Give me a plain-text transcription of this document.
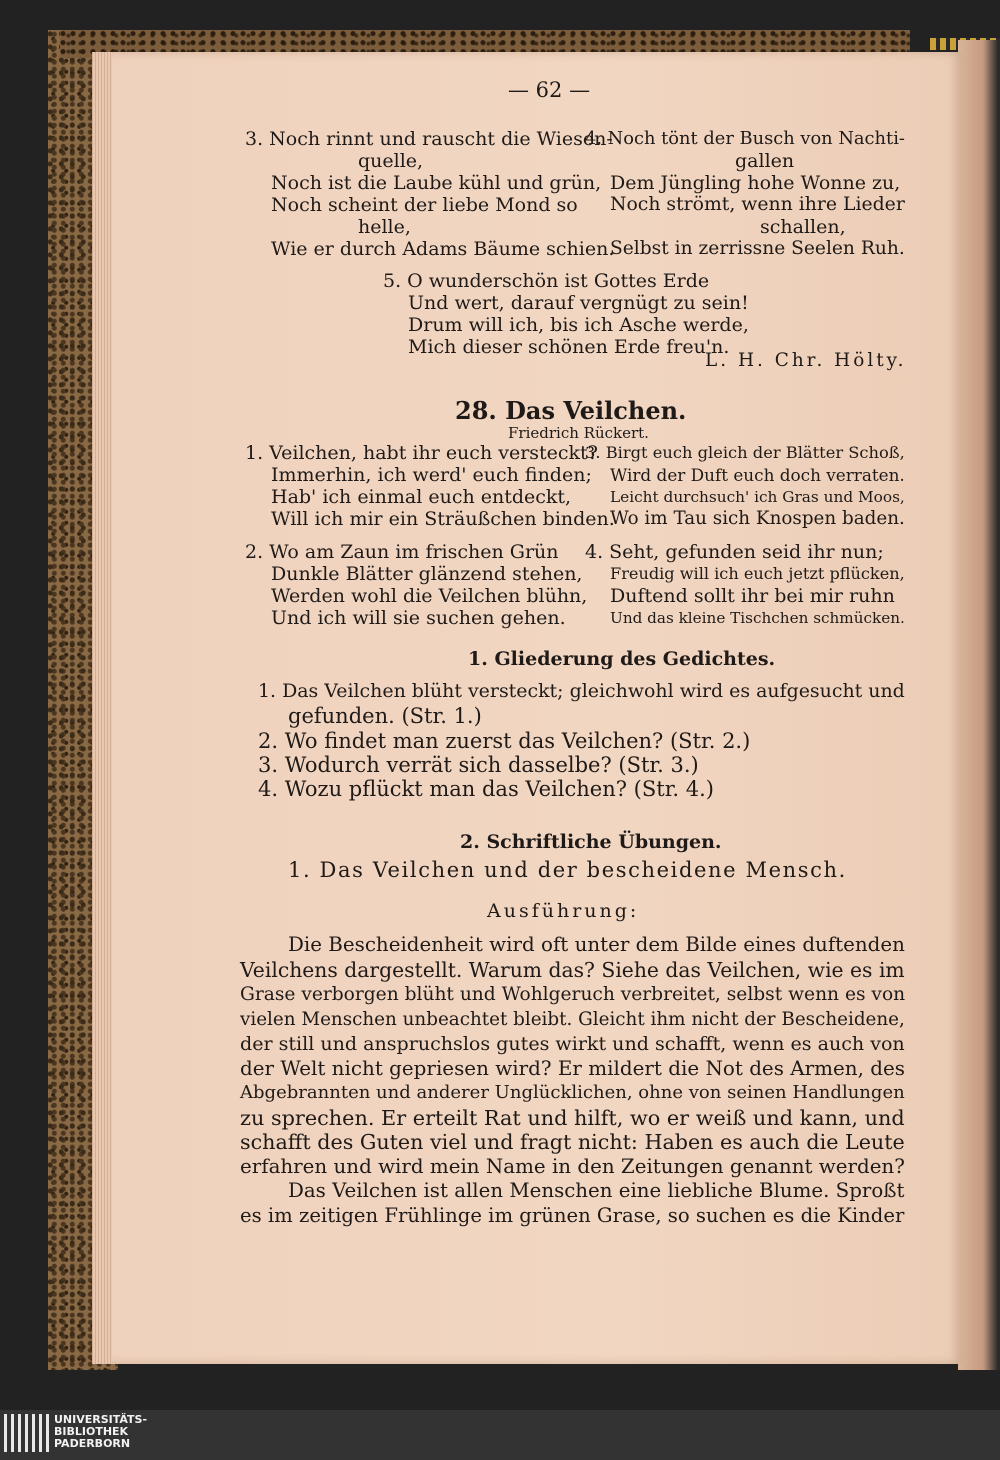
— 62 —
3. Noch rinnt und rauscht die Wiesen-
quelle,
Noch ist die Laube kühl und grün,
Noch scheint der liebe Mond so
helle,
Wie er durch Adams Bäume schien.
4. Noch tönt der Busch von Nachti-
gallen
Dem Jüngling hohe Wonne zu,
Noch strömt, wenn ihre Lieder
schallen,
Selbst in zerrissne Seelen Ruh.
5. O wunderschön ist Gottes Erde
Und wert, darauf vergnügt zu sein!
Drum will ich, bis ich Asche werde,
Mich dieser schönen Erde freu'n.
L. H. Chr. Hölty.
28. Das Veilchen.
Friedrich Rückert.
1. Veilchen, habt ihr euch versteckt?
Immerhin, ich werd' euch finden;
Hab' ich einmal euch entdeckt,
Will ich mir ein Sträußchen binden.
3. Birgt euch gleich der Blätter Schoß,
Wird der Duft euch doch verraten.
Leicht durchsuch' ich Gras und Moos,
Wo im Tau sich Knospen baden.
2. Wo am Zaun im frischen Grün
Dunkle Blätter glänzend stehen,
Werden wohl die Veilchen blühn,
Und ich will sie suchen gehen.
4. Seht, gefunden seid ihr nun;
Freudig will ich euch jetzt pflücken,
Duftend sollt ihr bei mir ruhn
Und das kleine Tischchen schmücken.
1. Gliederung des Gedichtes.
1. Das Veilchen blüht versteckt; gleichwohl wird es aufgesucht und
gefunden. (Str. 1.)
2. Wo findet man zuerst das Veilchen? (Str. 2.)
3. Wodurch verrät sich dasselbe? (Str. 3.)
4. Wozu pflückt man das Veilchen? (Str. 4.)
2. Schriftliche Übungen.
1. Das Veilchen und der bescheidene Mensch.
Ausführung:
Die Bescheidenheit wird oft unter dem Bilde eines duftenden
Veilchens dargestellt. Warum das? Siehe das Veilchen, wie es im
Grase verborgen blüht und Wohlgeruch verbreitet, selbst wenn es von
vielen Menschen unbeachtet bleibt. Gleicht ihm nicht der Bescheidene,
der still und anspruchslos gutes wirkt und schafft, wenn es auch von
der Welt nicht gepriesen wird? Er mildert die Not des Armen, des
Abgebrannten und anderer Unglücklichen, ohne von seinen Handlungen
zu sprechen. Er erteilt Rat und hilft, wo er weiß und kann, und
schafft des Guten viel und fragt nicht: Haben es auch die Leute
erfahren und wird mein Name in den Zeitungen genannt werden?
Das Veilchen ist allen Menschen eine liebliche Blume. Sproßt
es im zeitigen Frühlinge im grünen Grase, so suchen es die Kinder
UNIVERSITÄTS-
BIBLIOTHEK
PADERBORN
